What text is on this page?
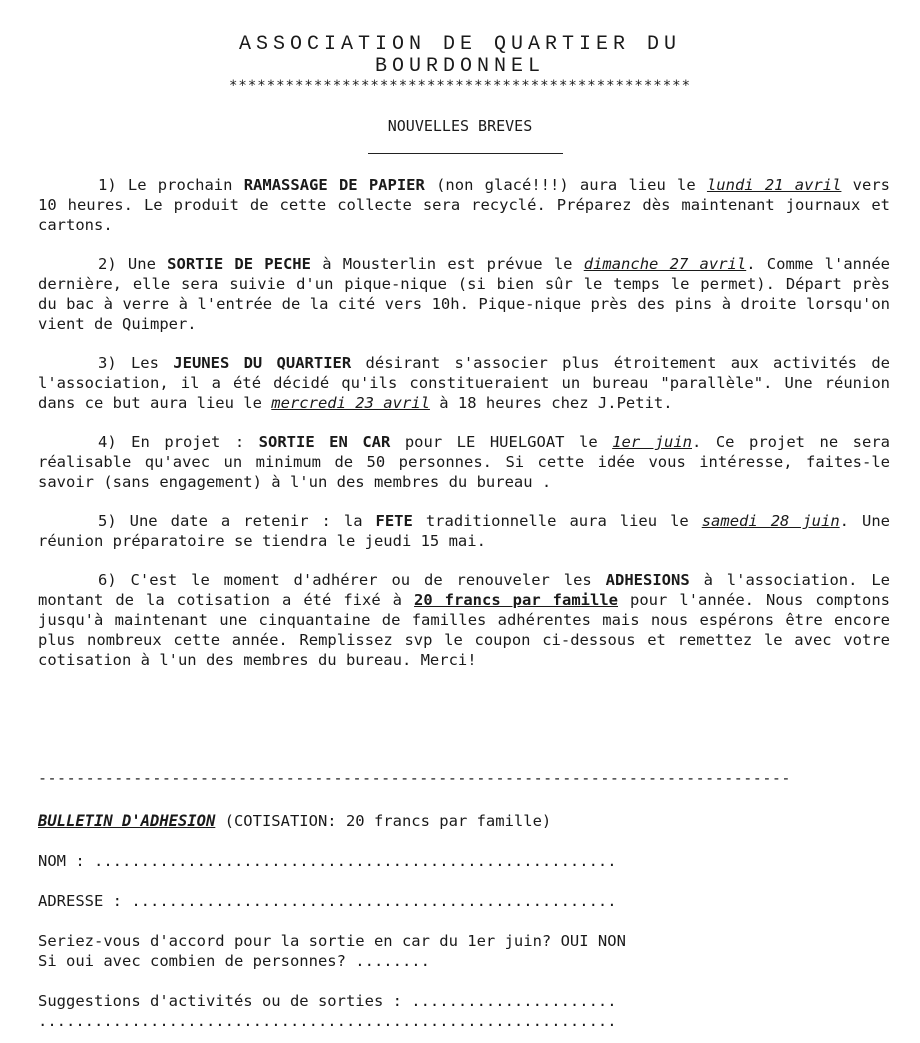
ASSOCIATION DE QUARTIER DU
BOURDONNEL
*************************************************
NOUVELLES BREVES

1) Le prochain RAMASSAGE DE PAPIER (non glacé!!!) aura lieu le lundi 21 avril vers 10 heures. Le produit de cette collecte sera recyclé. Préparez dès maintenant journaux et cartons.

2) Une SORTIE DE PECHE à Mousterlin est prévue le dimanche 27 avril. Comme l'année dernière, elle sera suivie d'un pique-nique (si bien sûr le temps le permet). Départ près du bac à verre à l'entrée de la cité vers 10h. Pique-nique près des pins à droite lorsqu'on vient de Quimper.

3) Les JEUNES DU QUARTIER désirant s'associer plus étroitement aux activités de l'association, il a été décidé qu'ils constitueraient un bureau "parallèle". Une réunion dans ce but aura lieu le mercredi 23 avril à 18 heures chez J.Petit.

4) En projet : SORTIE EN CAR pour LE HUELGOAT le 1er juin. Ce projet ne sera réalisable qu'avec un minimum de 50 personnes. Si cette idée vous intéresse, faites-le savoir (sans engagement) à l'un des membres du bureau .

5) Une date a retenir : la FETE traditionnelle aura lieu le samedi 28 juin. Une réunion préparatoire se tiendra le jeudi 15 mai.

6) C'est le moment d'adhérer ou de renouveler les ADHESIONS à l'association. Le montant de la cotisation a été fixé à 20 francs par famille pour l'année. Nous comptons jusqu'à maintenant une cinquantaine de familles adhérentes mais nous espérons être encore plus nombreux cette année. Remplissez svp le coupon ci-dessous et remettez le avec votre cotisation à l'un des membres du bureau. Merci!

-------------------------------------------------------------------------------
BULLETIN D'ADHESION (COTISATION: 20 francs par famille)
NOM : ........................................................
ADRESSE : ....................................................
Seriez-vous d'accord pour la sortie en car du 1er juin? OUI NON
Si oui avec combien de personnes? ........
Suggestions d'activités ou de sorties : ......................
..............................................................
